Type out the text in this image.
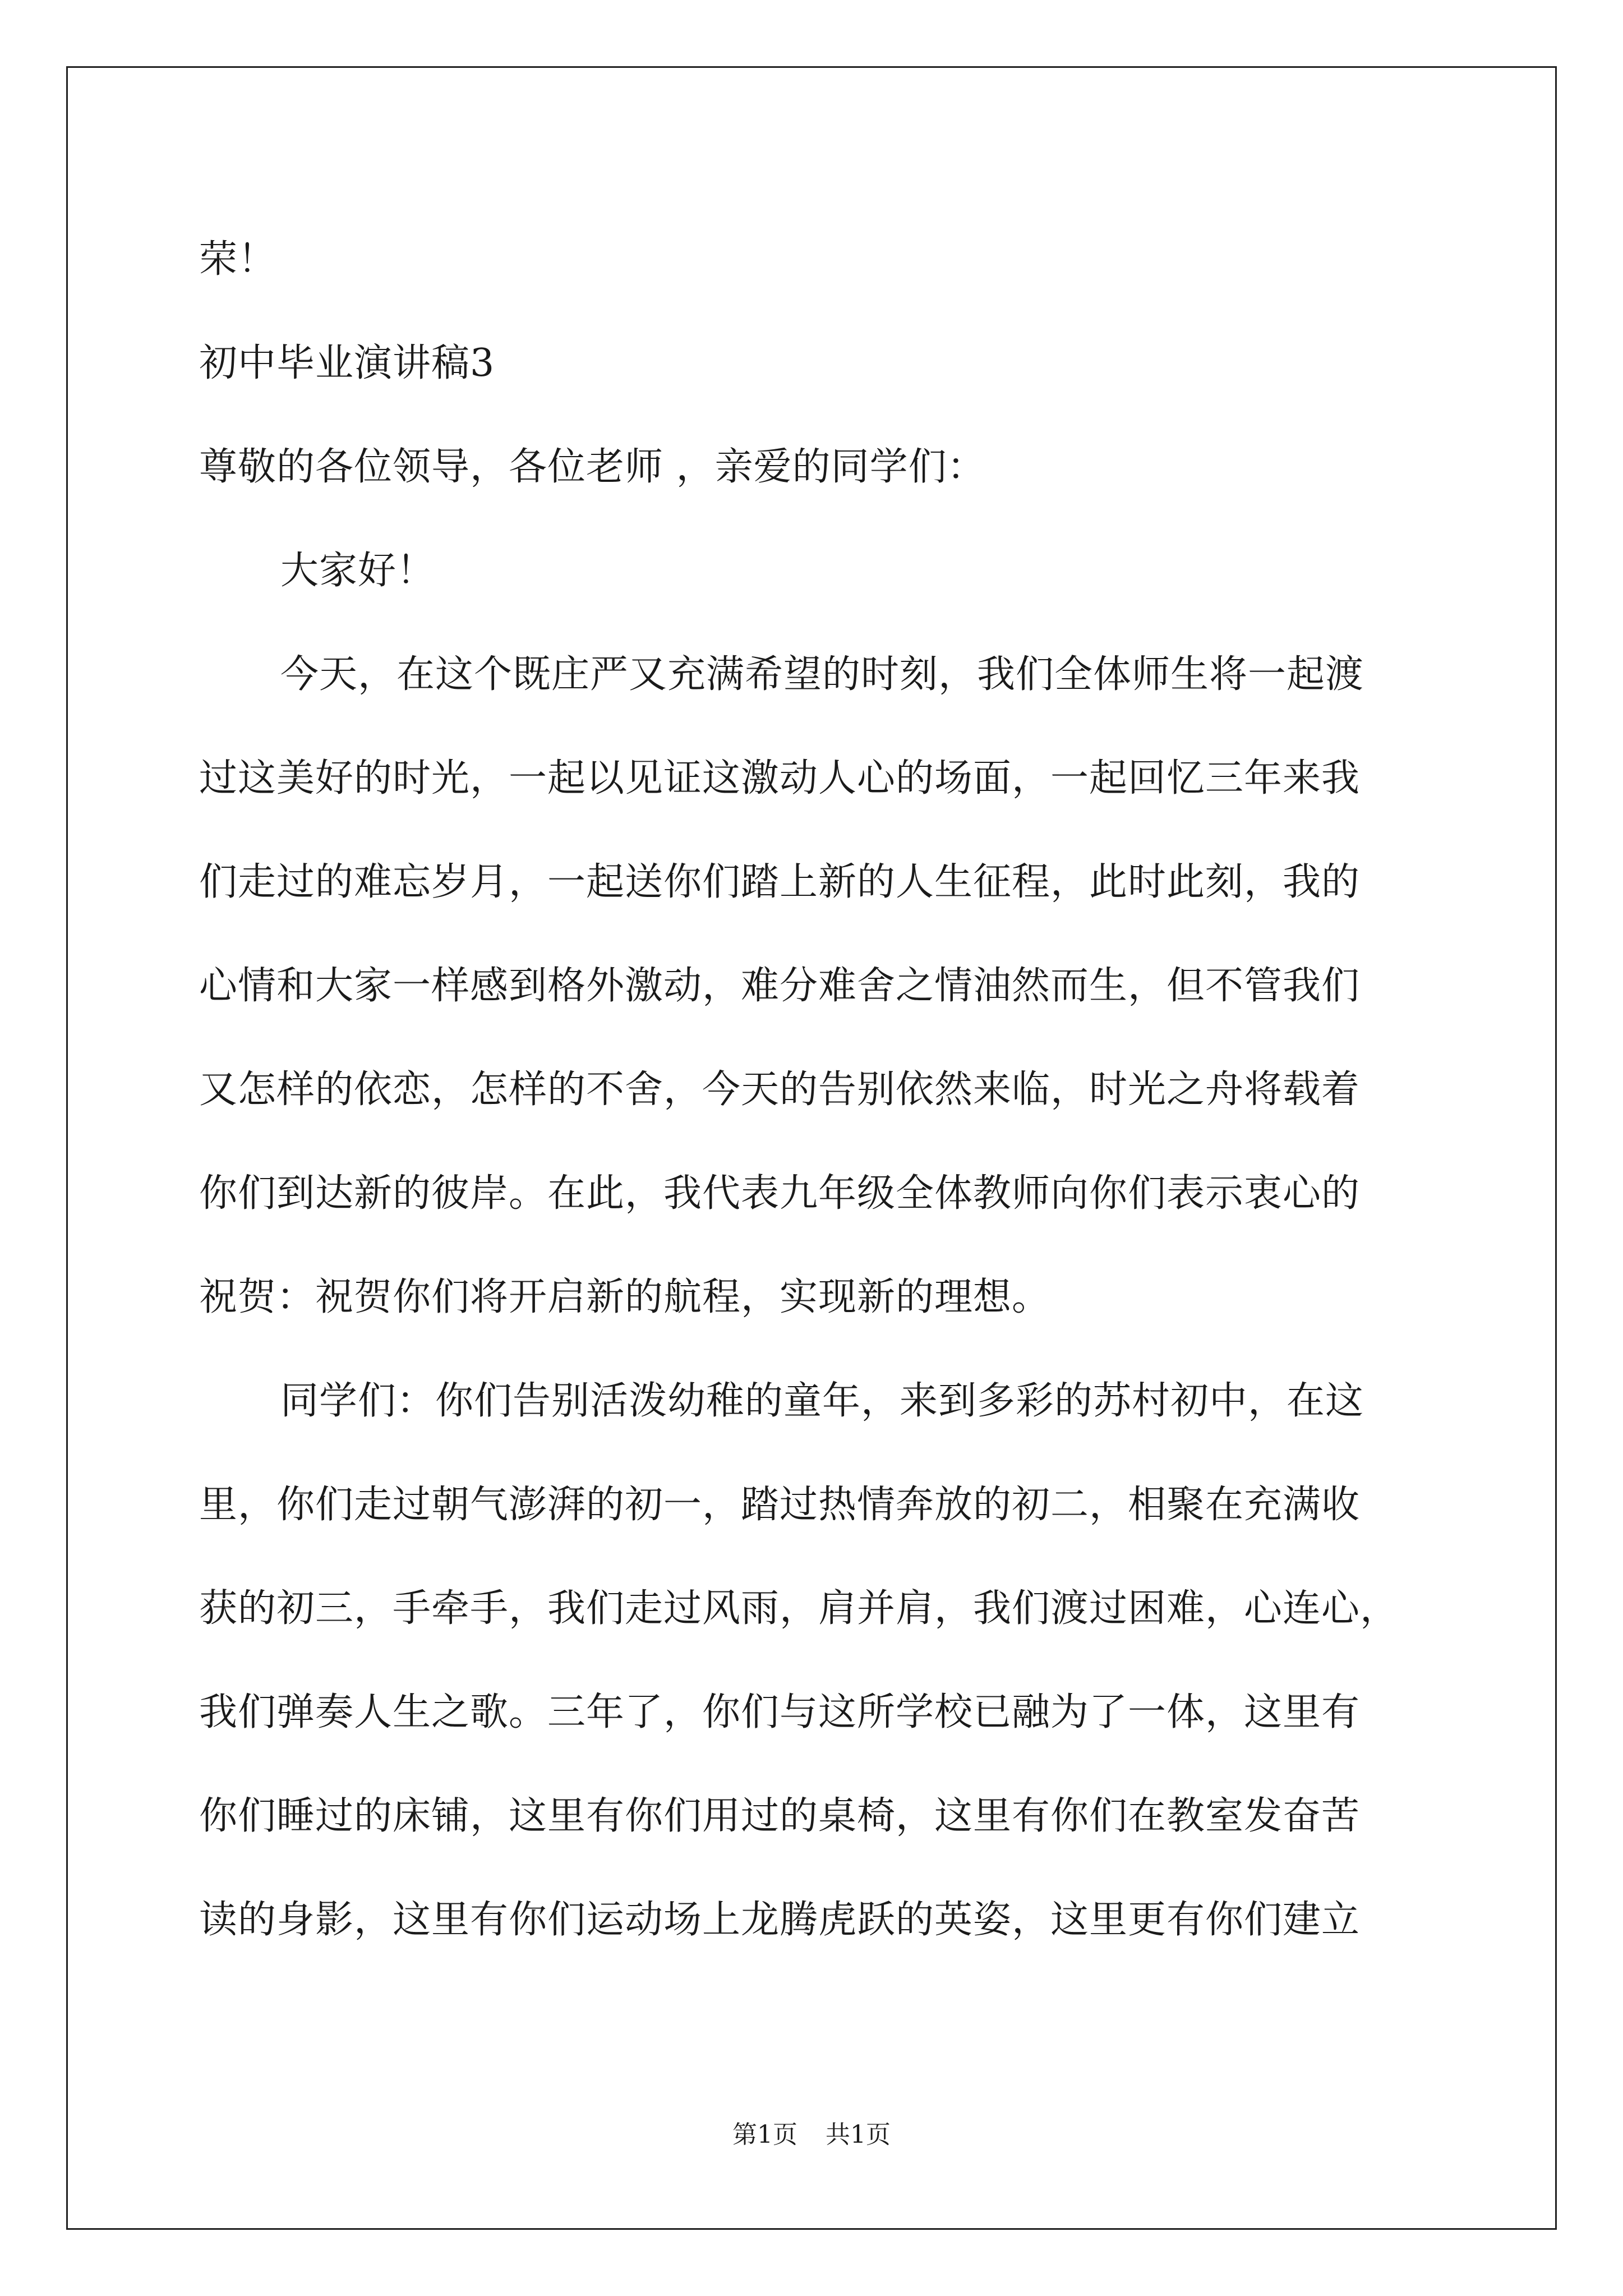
荣！
初中毕业演讲稿3
尊敬的各位领导，各位老师 ，亲爱的同学们：
大家好！
今天，在这个既庄严又充满希望的时刻，我们全体师生将一起渡
过这美好的时光，一起以见证这激动人心的场面，一起回忆三年来我
们走过的难忘岁月，一起送你们踏上新的人生征程，此时此刻，我的
心情和大家一样感到格外激动，难分难舍之情油然而生，但不管我们
又怎样的依恋，怎样的不舍，今天的告别依然来临，时光之舟将载着
你们到达新的彼岸。在此，我代表九年级全体教师向你们表示衷心的
祝贺：祝贺你们将开启新的航程，实现新的理想。
同学们：你们告别活泼幼稚的童年，来到多彩的苏村初中，在这
里，你们走过朝气澎湃的初一，踏过热情奔放的初二，相聚在充满收
获的初三，手牵手，我们走过风雨，肩并肩，我们渡过困难，心连心，
我们弹奏人生之歌。三年了，你们与这所学校已融为了一体，这里有
你们睡过的床铺，这里有你们用过的桌椅，这里有你们在教室发奋苦
读的身影，这里有你们运动场上龙腾虎跃的英姿，这里更有你们建立
第1页 共1页
